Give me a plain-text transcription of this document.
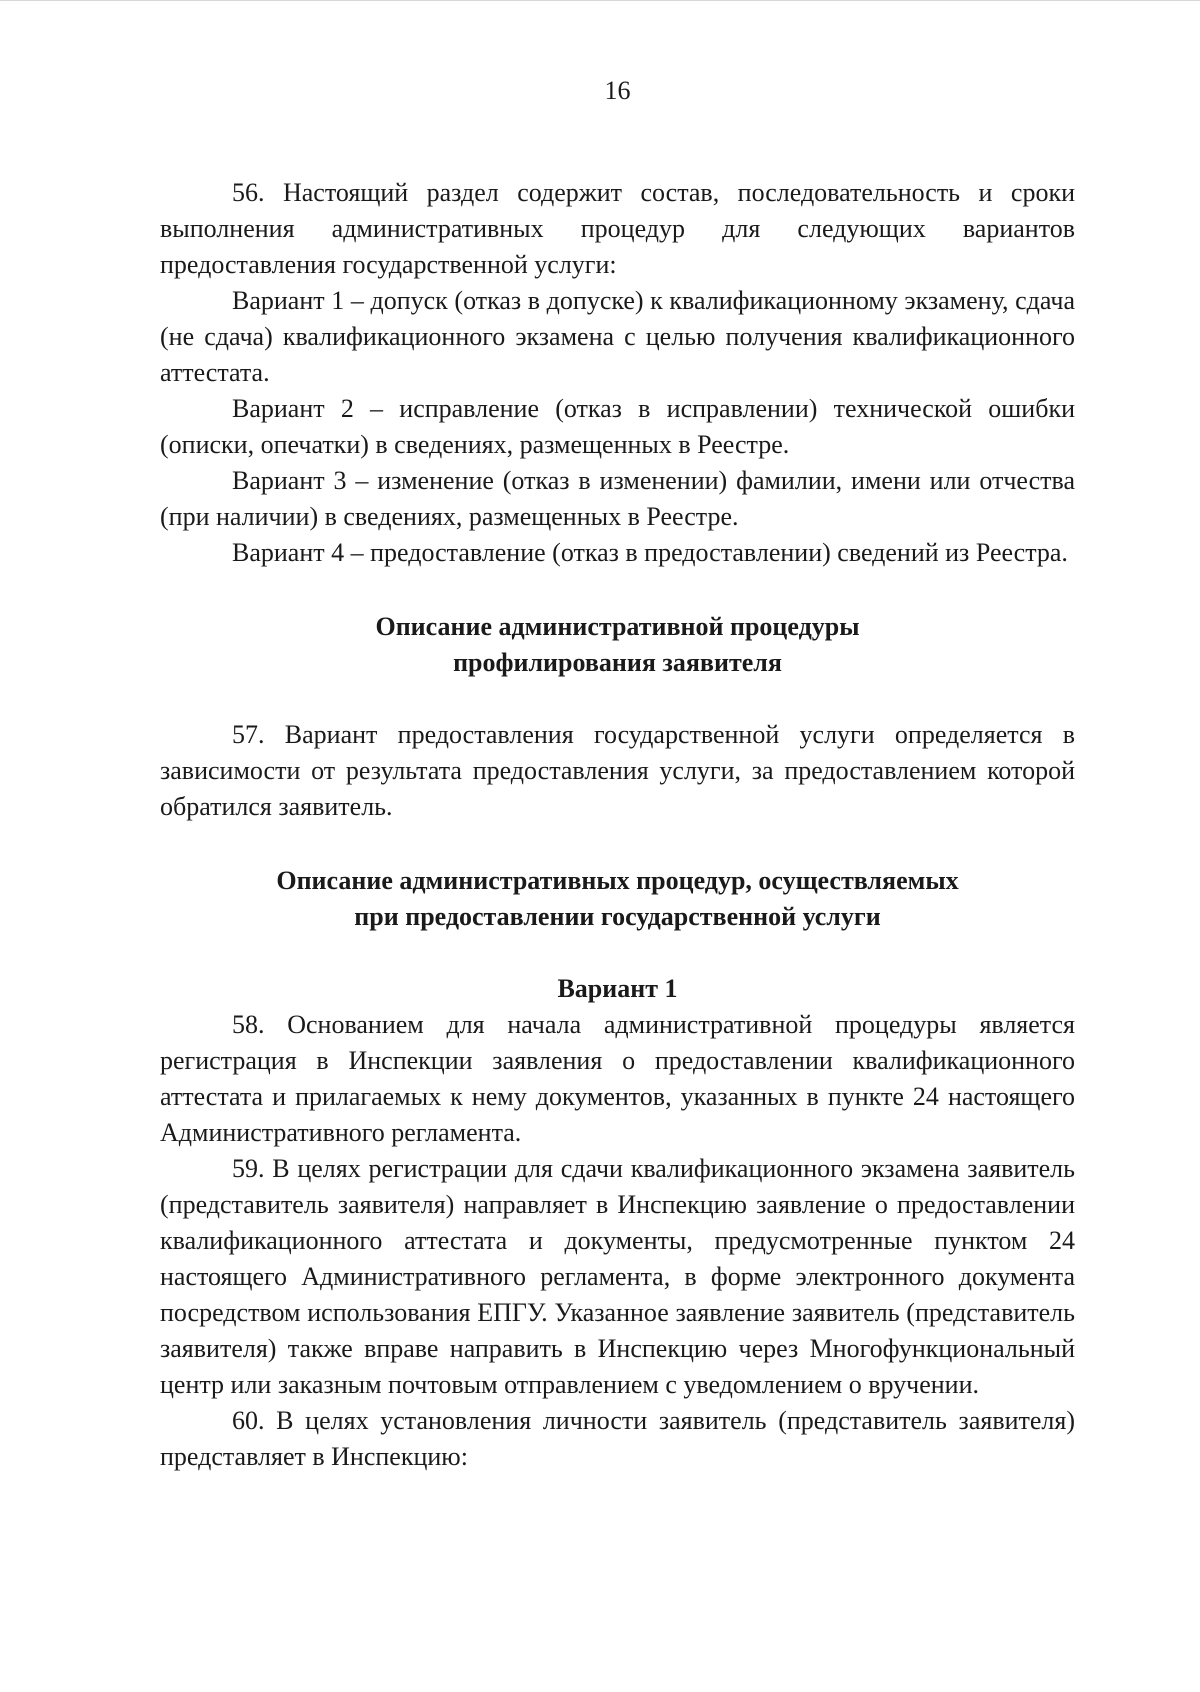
16

56. Настоящий раздел содержит состав, последовательность и сроки выполнения административных процедур для следующих вариантов предоставления государственной услуги:

Вариант 1 – допуск (отказ в допуске) к квалификационному экзамену, сдача (не сдача) квалификационного экзамена с целью получения квалификационного аттестата.

Вариант 2 – исправление (отказ в исправлении) технической ошибки (описки, опечатки) в сведениях, размещенных в Реестре.

Вариант 3 – изменение (отказ в изменении) фамилии, имени или отчества (при наличии) в сведениях, размещенных в Реестре.

Вариант 4 – предоставление (отказ в предоставлении) сведений из Реестра.

Описание административной процедуры
профилирования заявителя

57. Вариант предоставления государственной услуги определяется в зависимости от результата предоставления услуги, за предоставлением которой обратился заявитель.

Описание административных процедур, осуществляемых
при предоставлении государственной услуги
Вариант 1

58. Основанием для начала административной процедуры является регистрация в Инспекции заявления о предоставлении квалификационного аттестата и прилагаемых к нему документов, указанных в пункте 24 настоящего Административного регламента.

59. В целях регистрации для сдачи квалификационного экзамена заявитель (представитель заявителя) направляет в Инспекцию заявление о предоставлении квалификационного аттестата и документы, предусмотренные пунктом 24 настоящего Административного регламента, в форме электронного документа посредством использования ЕПГУ. Указанное заявление заявитель (представитель заявителя) также вправе направить в Инспекцию через Многофункциональный центр или заказным почтовым отправлением с уведомлением о вручении.

60. В целях установления личности заявитель (представитель заявителя) представляет в Инспекцию:
